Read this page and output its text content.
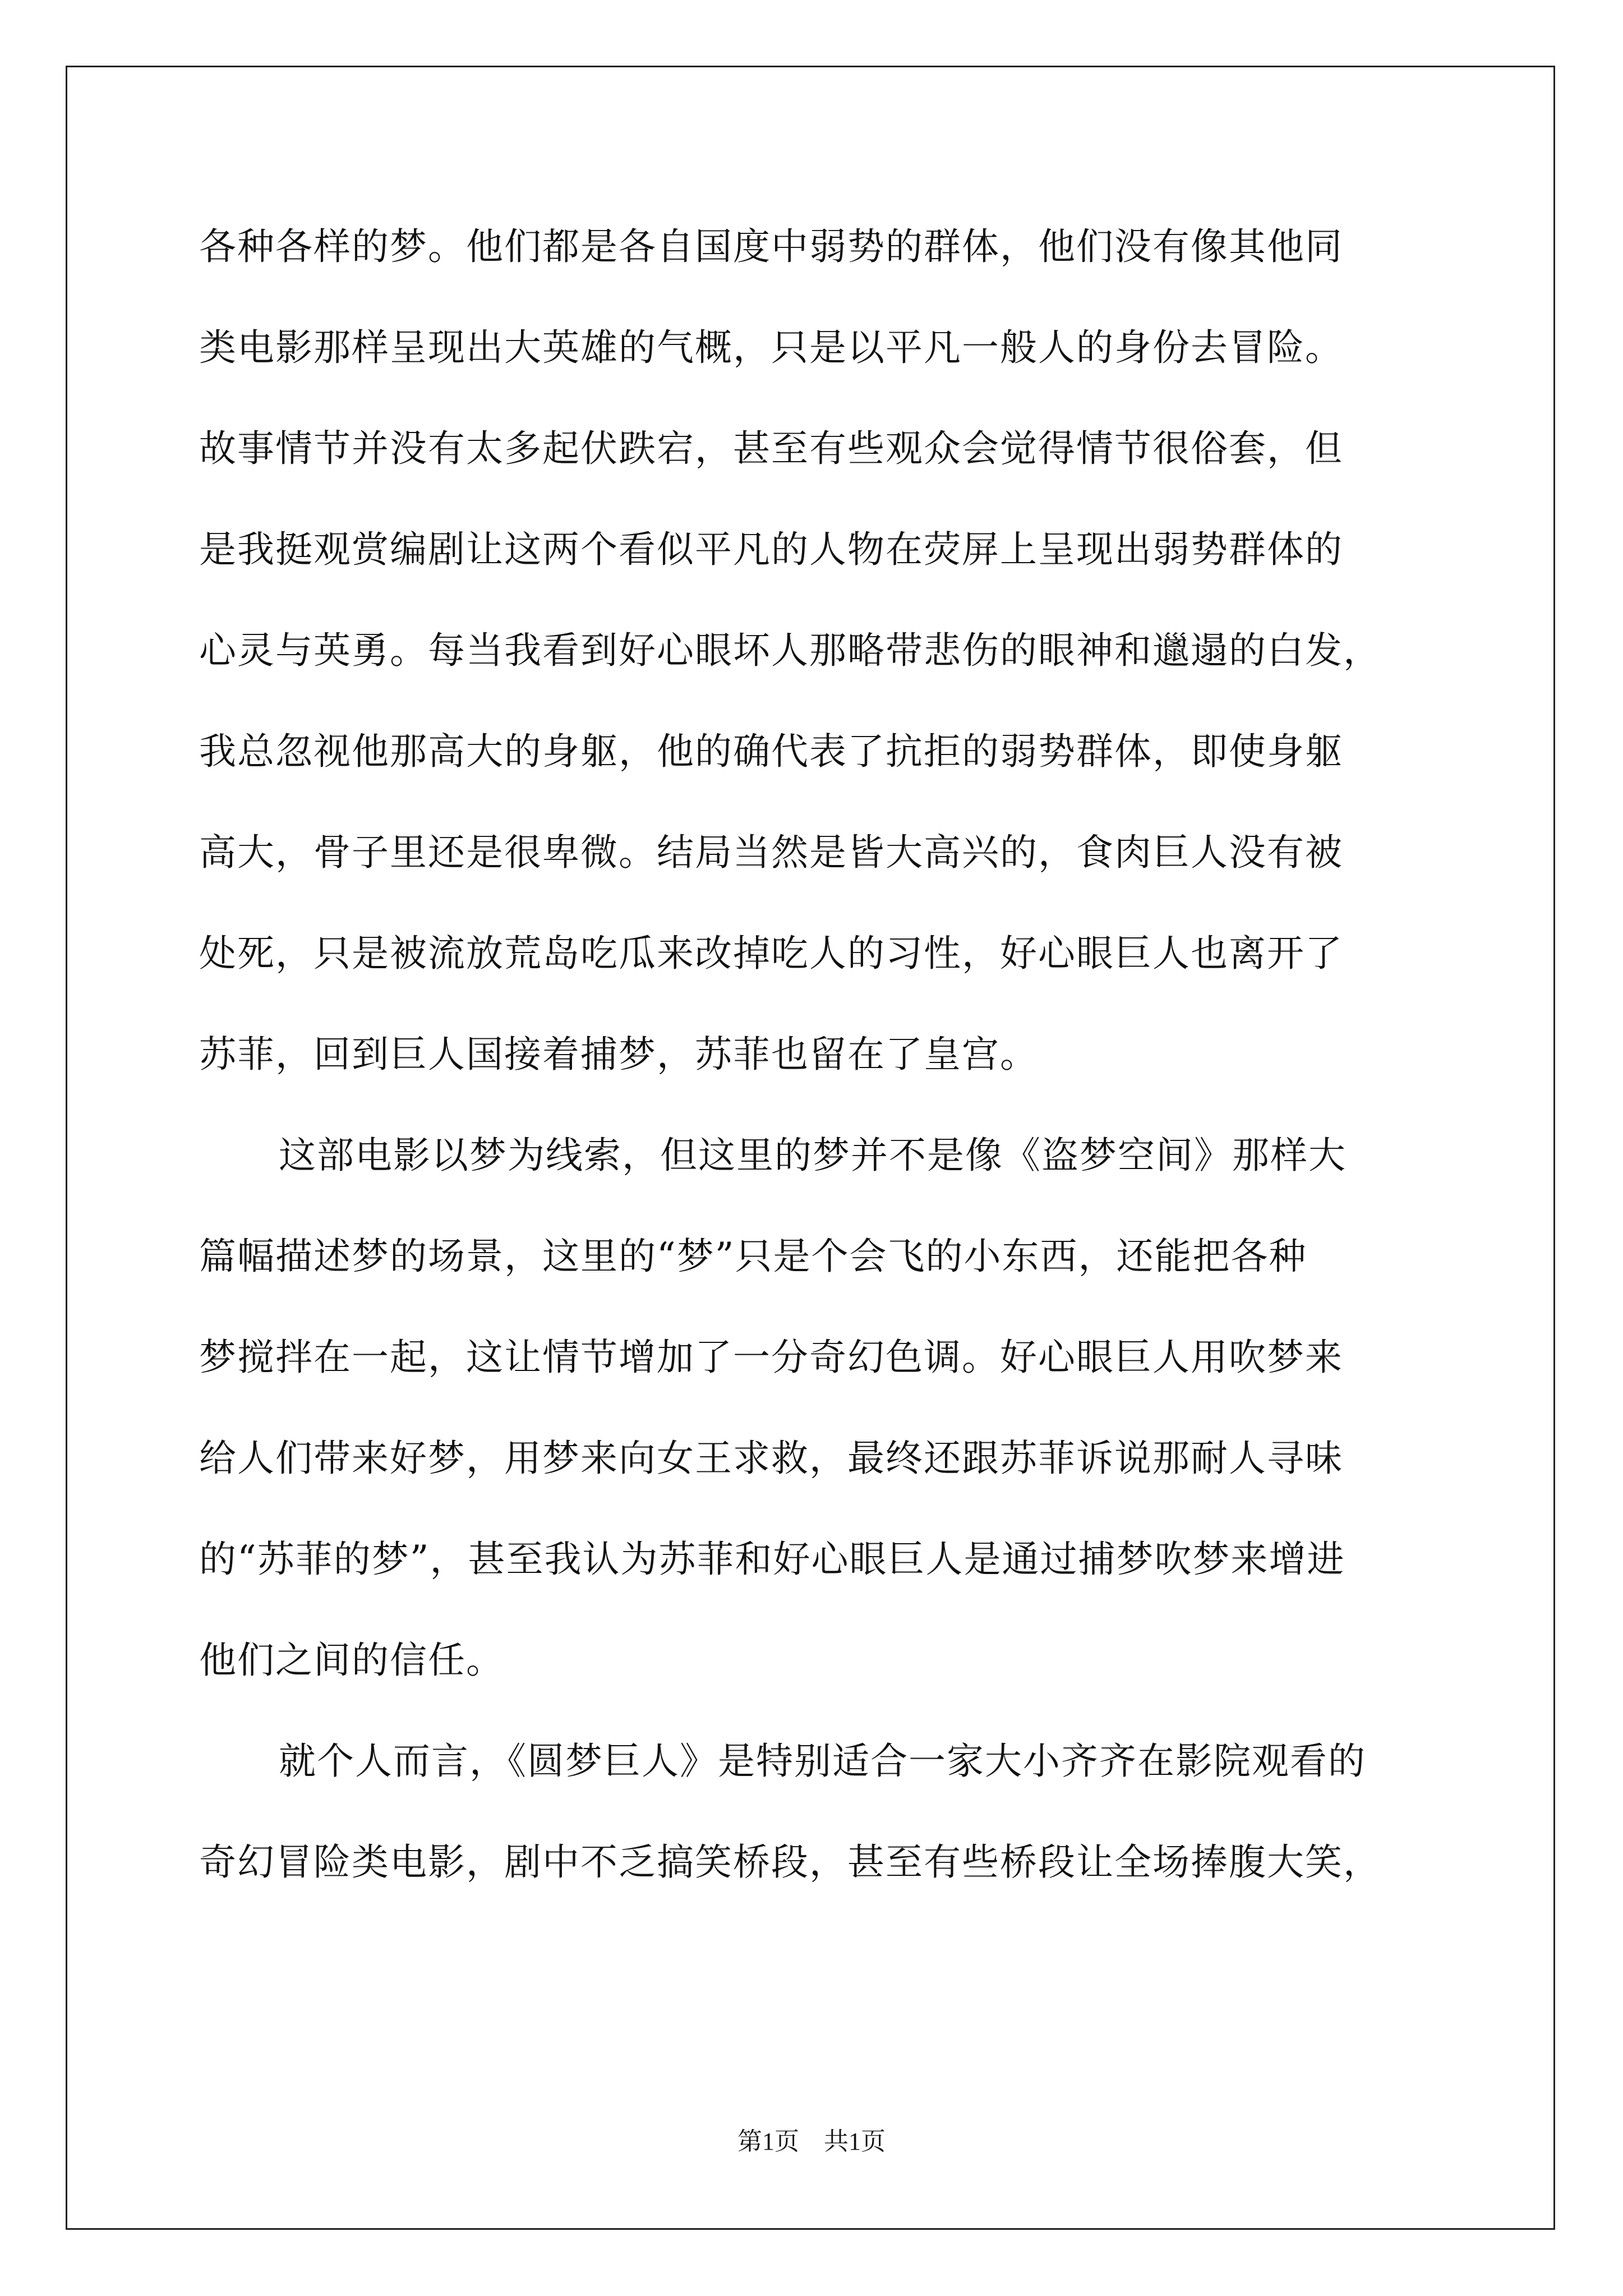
各种各样的梦。他们都是各自国度中弱势的群体，他们没有像其他同
类电影那样呈现出大英雄的气概，只是以平凡一般人的身份去冒险。
故事情节并没有太多起伏跌宕，甚至有些观众会觉得情节很俗套，但
是我挺观赏编剧让这两个看似平凡的人物在荧屏上呈现出弱势群体的
心灵与英勇。每当我看到好心眼坏人那略带悲伤的眼神和邋遢的白发，
我总忽视他那高大的身躯，他的确代表了抗拒的弱势群体，即使身躯
高大，骨子里还是很卑微。结局当然是皆大高兴的，食肉巨人没有被
处死，只是被流放荒岛吃瓜来改掉吃人的习性，好心眼巨人也离开了
苏菲，回到巨人国接着捕梦，苏菲也留在了皇宫。
这部电影以梦为线索，但这里的梦并不是像《盗梦空间》那样大
篇幅描述梦的场景，这里的“梦”只是个会飞的小东西，还能把各种
梦搅拌在一起，这让情节增加了一分奇幻色调。好心眼巨人用吹梦来
给人们带来好梦，用梦来向女王求救，最终还跟苏菲诉说那耐人寻味
的“苏菲的梦”，甚至我认为苏菲和好心眼巨人是通过捕梦吹梦来增进
他们之间的信任。
就个人而言，《圆梦巨人》是特别适合一家大小齐齐在影院观看的
奇幻冒险类电影，剧中不乏搞笑桥段，甚至有些桥段让全场捧腹大笑，
第1页　共1页
